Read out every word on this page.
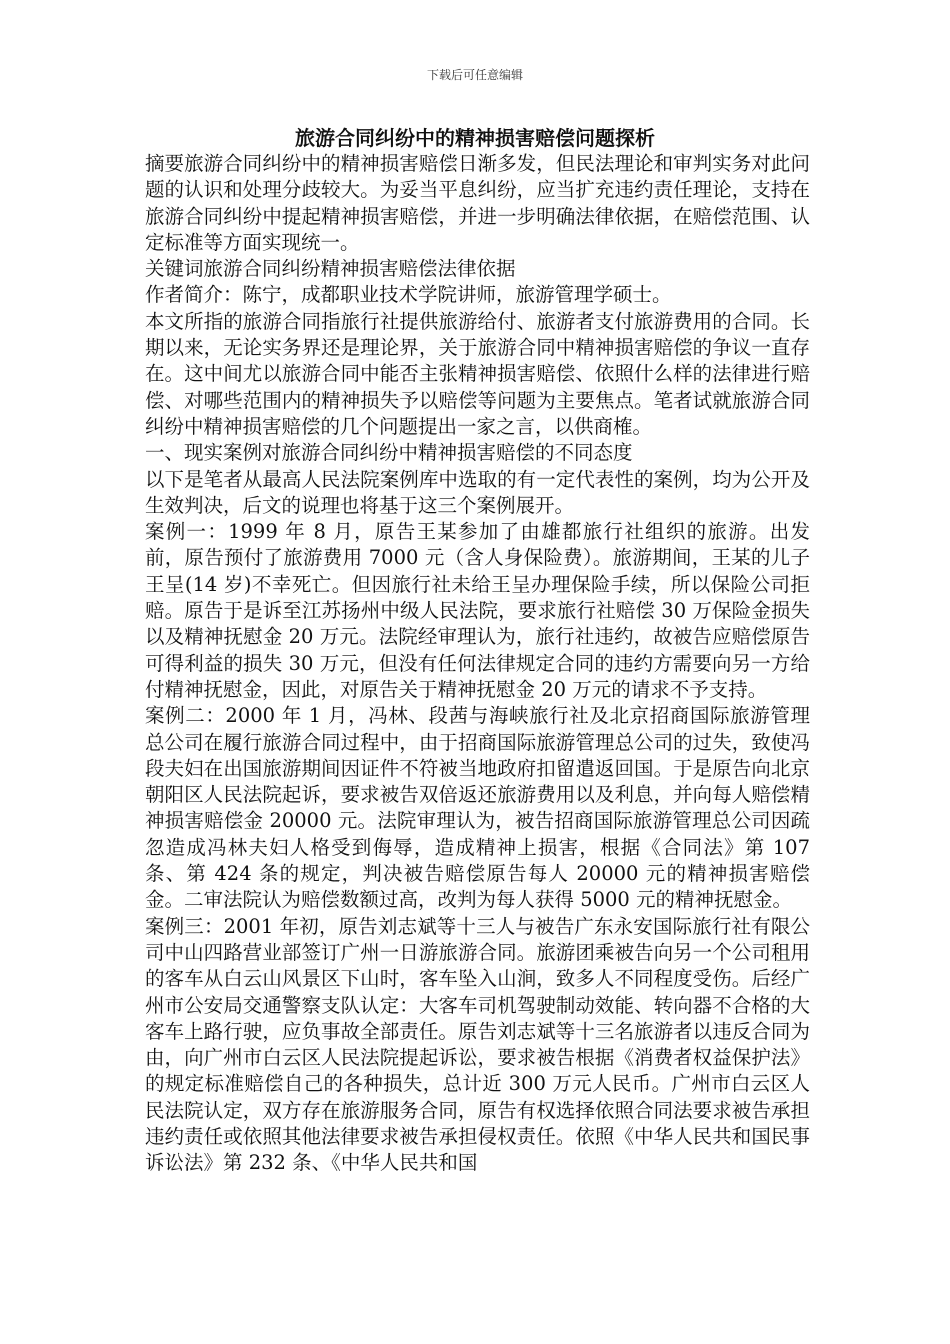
下载后可任意编辑
旅游合同纠纷中的精神损害赔偿问题探析

摘要旅游合同纠纷中的精神损害赔偿日渐多发，但民法理论和审判实务对此问题的认识和处理分歧较大。为妥当平息纠纷，应当扩充违约责任理论，支持在旅游合同纠纷中提起精神损害赔偿，并进一步明确法律依据，在赔偿范围、认定标准等方面实现统一。

关键词旅游合同纠纷精神损害赔偿法律依据

作者简介：陈宁，成都职业技术学院讲师，旅游管理学硕士。

本文所指的旅游合同指旅行社提供旅游给付、旅游者支付旅游费用的合同。长期以来，无论实务界还是理论界，关于旅游合同中精神损害赔偿的争议一直存在。这中间尤以旅游合同中能否主张精神损害赔偿、依照什么样的法律进行赔偿、对哪些范围内的精神损失予以赔偿等问题为主要焦点。笔者试就旅游合同纠纷中精神损害赔偿的几个问题提出一家之言，以供商榷。

一、现实案例对旅游合同纠纷中精神损害赔偿的不同态度

以下是笔者从最高人民法院案例库中选取的有一定代表性的案例，均为公开及生效判决，后文的说理也将基于这三个案例展开。

案例一：1999 年 8 月，原告王某参加了由雄都旅行社组织的旅游。出发前，原告预付了旅游费用 7000 元（含人身保险费）。旅游期间，王某的儿子王呈(14 岁)不幸死亡。但因旅行社未给王呈办理保险手续，所以保险公司拒赔。原告于是诉至江苏扬州中级人民法院，要求旅行社赔偿 30 万保险金损失以及精神抚慰金 20 万元。法院经审理认为，旅行社违约，故被告应赔偿原告可得利益的损失 30 万元，但没有任何法律规定合同的违约方需要向另一方给付精神抚慰金，因此，对原告关于精神抚慰金 20 万元的请求不予支持。

案例二：2000 年 1 月，冯林、段茜与海峡旅行社及北京招商国际旅游管理总公司在履行旅游合同过程中，由于招商国际旅游管理总公司的过失，致使冯段夫妇在出国旅游期间因证件不符被当地政府扣留遣返回国。于是原告向北京朝阳区人民法院起诉，要求被告双倍返还旅游费用以及利息，并向每人赔偿精神损害赔偿金 20000 元。法院审理认为，被告招商国际旅游管理总公司因疏忽造成冯林夫妇人格受到侮辱，造成精神上损害，根据《合同法》第 107 条、第 424 条的规定，判决被告赔偿原告每人 20000 元的精神损害赔偿金。二审法院认为赔偿数额过高，改判为每人获得 5000 元的精神抚慰金。

案例三：2001 年初，原告刘志斌等十三人与被告广东永安国际旅行社有限公司中山四路营业部签订广州一日游旅游合同。旅游团乘被告向另一个公司租用的客车从白云山风景区下山时，客车坠入山涧，致多人不同程度受伤。后经广州市公安局交通警察支队认定：大客车司机驾驶制动效能、转向器不合格的大客车上路行驶，应负事故全部责任。原告刘志斌等十三名旅游者以违反合同为由，向广州市白云区人民法院提起诉讼，要求被告根据《消费者权益保护法》的规定标准赔偿自己的各种损失，总计近 300 万元人民币。广州市白云区人民法院认定，双方存在旅游服务合同，原告有权选择依照合同法要求被告承担违约责任或依照其他法律要求被告承担侵权责任。依照《中华人民共和国民事诉讼法》第 232 条、《中华人民共和国
